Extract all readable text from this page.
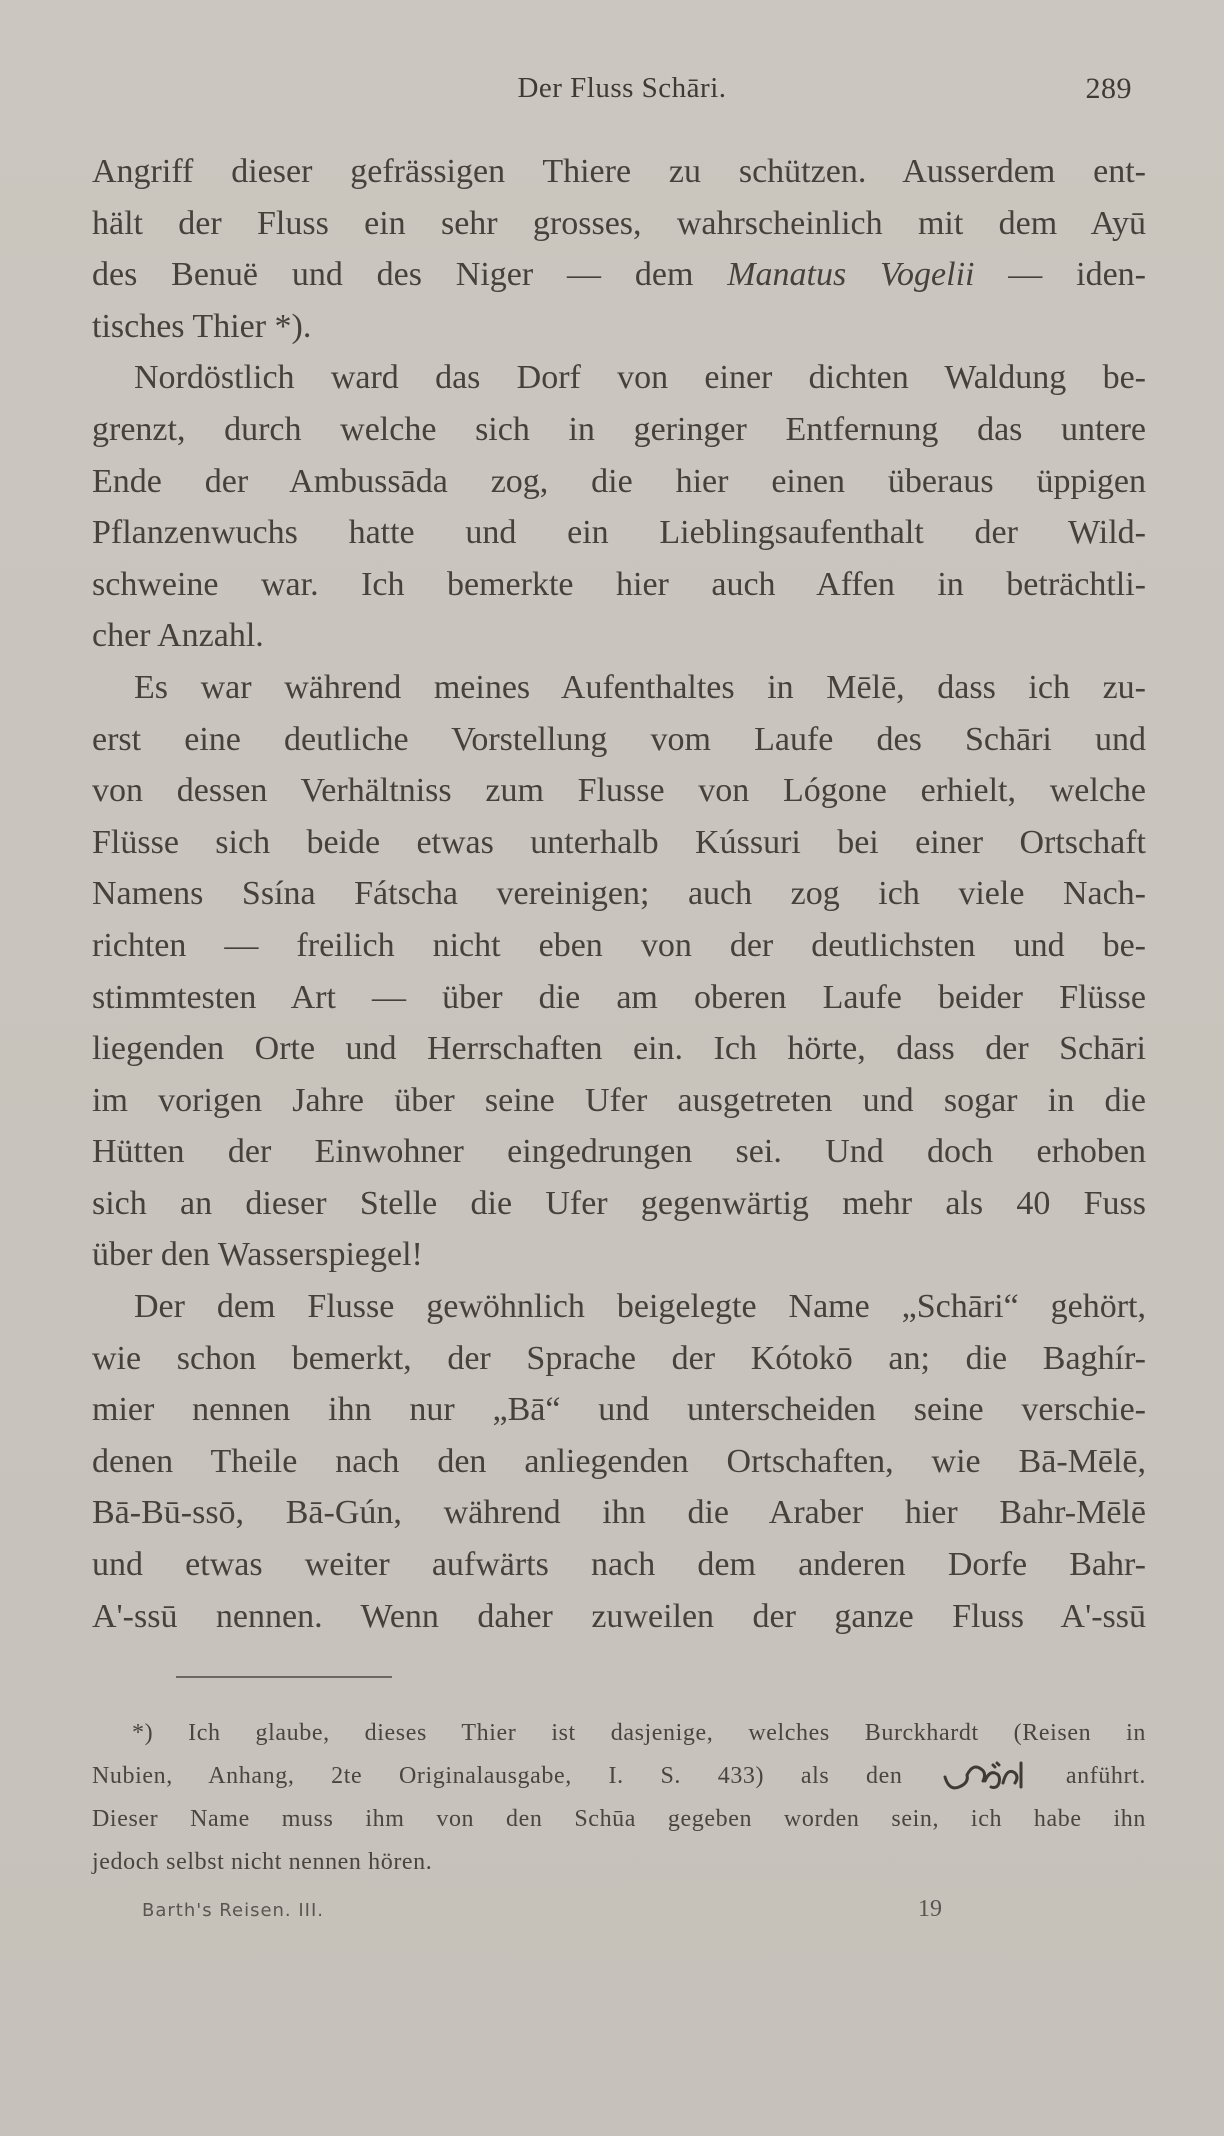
Der Fluss Schāri.	289
Angriff dieser gefrässigen Thiere zu schützen. Ausserdem ent-
hält der Fluss ein sehr grosses, wahrscheinlich mit dem Ayū
des Benuë und des Niger — dem Manatus Vogelii — iden-
tisches Thier *).
Nordöstlich ward das Dorf von einer dichten Waldung be-
grenzt, durch welche sich in geringer Entfernung das untere
Ende der Ambussāda zog, die hier einen überaus üppigen
Pflanzenwuchs hatte und ein Lieblingsaufenthalt der Wild-
schweine war. Ich bemerkte hier auch Affen in beträchtli-
cher Anzahl.
Es war während meines Aufenthaltes in Mēlē, dass ich zu-
erst eine deutliche Vorstellung vom Laufe des Schāri und
von dessen Verhältniss zum Flusse von Lógone erhielt, welche
Flüsse sich beide etwas unterhalb Kússuri bei einer Ortschaft
Namens Ssína Fátscha vereinigen; auch zog ich viele Nach-
richten — freilich nicht eben von der deutlichsten und be-
stimmtesten Art — über die am oberen Laufe beider Flüsse
liegenden Orte und Herrschaften ein. Ich hörte, dass der Schāri
im vorigen Jahre über seine Ufer ausgetreten und sogar in die
Hütten der Einwohner eingedrungen sei. Und doch erhoben
sich an dieser Stelle die Ufer gegenwärtig mehr als 40 Fuss
über den Wasserspiegel!
Der dem Flusse gewöhnlich beigelegte Name „Schāri“ gehört,
wie schon bemerkt, der Sprache der Kótokō an; die Baghír-
mier nennen ihn nur „Bā“ und unterscheiden seine verschie-
denen Theile nach den anliegenden Ortschaften, wie Bā-Mēlē,
Bā-Bū-ssō, Bā-Gún, während ihn die Araber hier Bahr-Mēlē
und etwas weiter aufwärts nach dem anderen Dorfe Bahr-
A'-ssū nennen. Wenn daher zuweilen der ganze Fluss A'-ssū
*) Ich glaube, dieses Thier ist dasjenige, welches Burckhardt (Reisen in
Nubien, Anhang, 2te Originalausgabe, I. S. 433) als den	anführt.
Dieser Name muss ihm von den Schūa gegeben worden sein, ich habe ihn
jedoch selbst nicht nennen hören.
Barth's Reisen. III.	19
